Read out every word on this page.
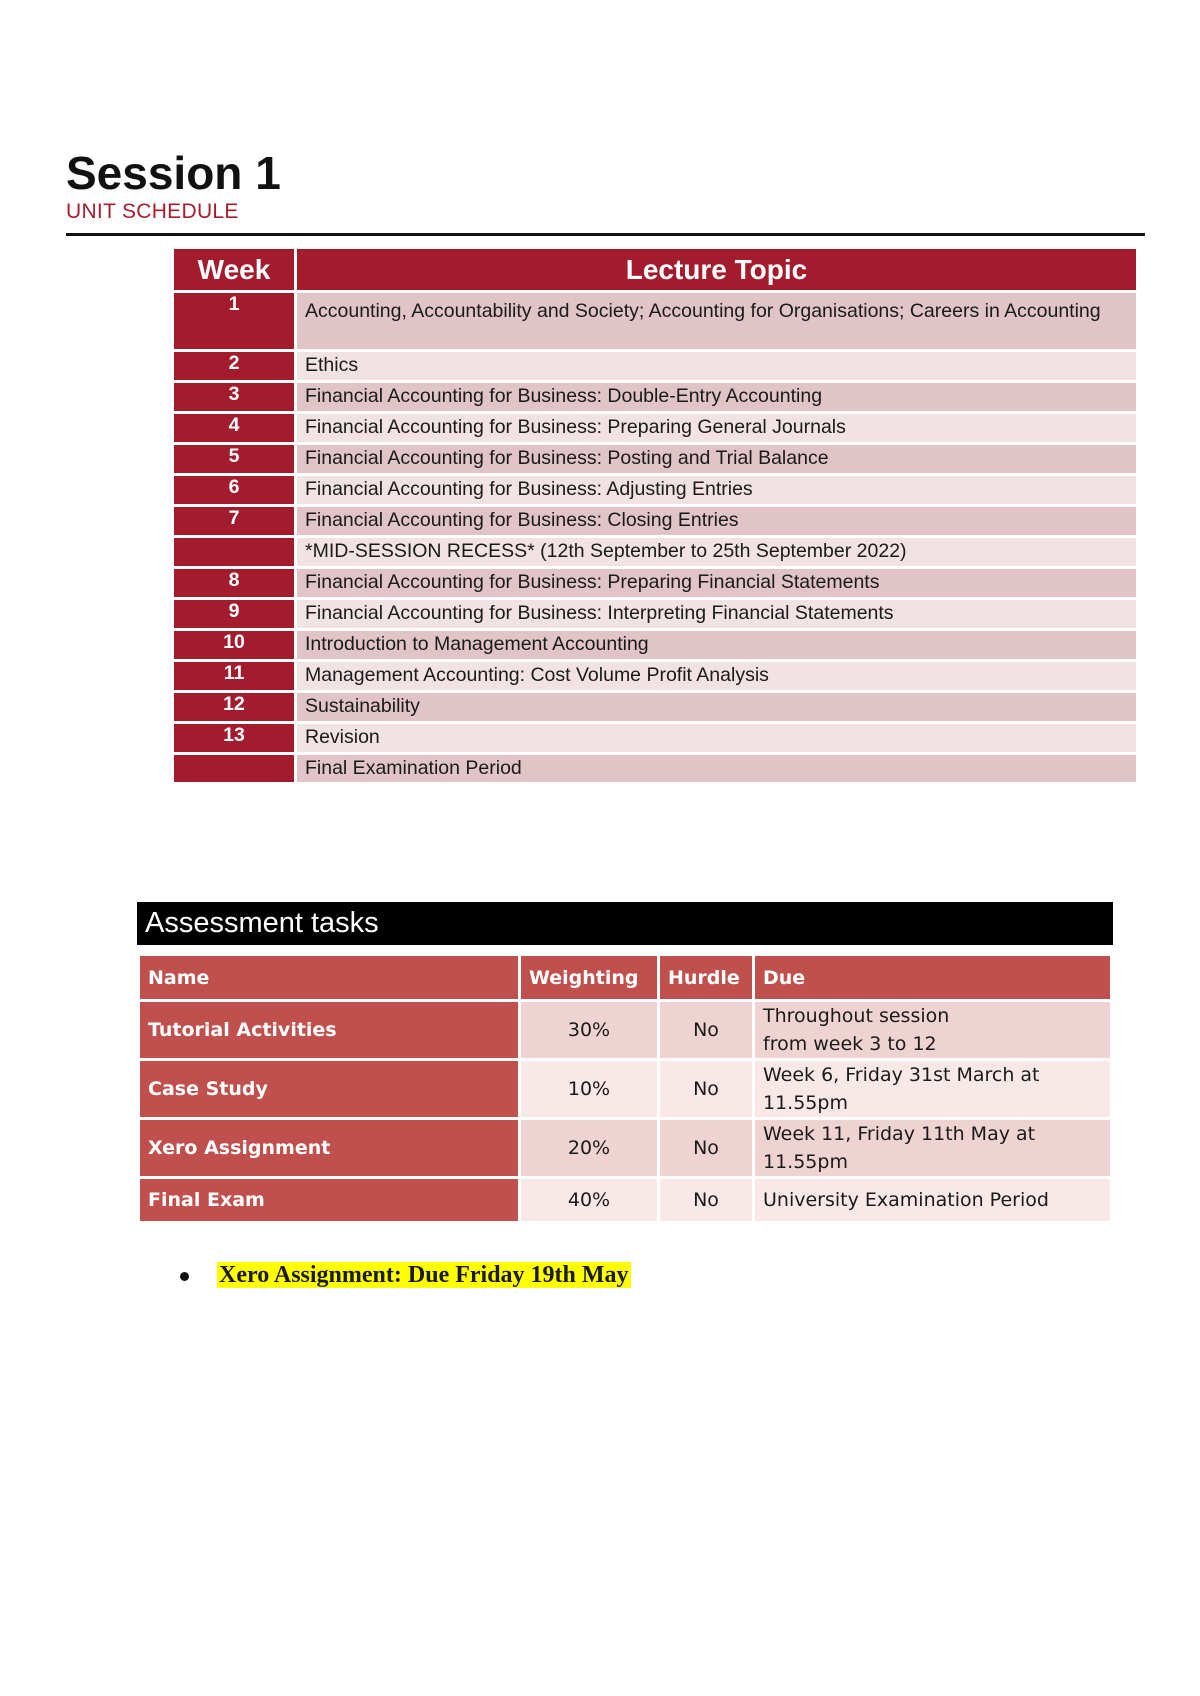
Session 1
UNIT SCHEDULE
Week	Lecture Topic
1	Accounting, Accountability and Society; Accounting for Organisations; Careers in Accounting
2	Ethics
3	Financial Accounting for Business: Double-Entry Accounting
4	Financial Accounting for Business: Preparing General Journals
5	Financial Accounting for Business: Posting and Trial Balance
6	Financial Accounting for Business: Adjusting Entries
7	Financial Accounting for Business: Closing Entries
	*MID-SESSION RECESS* (12th September to 25th September 2022)
8	Financial Accounting for Business: Preparing Financial Statements
9	Financial Accounting for Business: Interpreting Financial Statements
10	Introduction to Management Accounting
11	Management Accounting: Cost Volume Profit Analysis
12	Sustainability
13	Revision
	Final Examination Period
Assessment tasks
Name	Weighting	Hurdle	Due
Tutorial Activities	30%	No	Throughout session
from week 3 to 12

Case Study	10%	No	Week 6, Friday 31st March at
11.55pm

Xero Assignment	20%	No	Week 11, Friday 11th May at
11.55pm

Final Exam	40%	No	University Examination Period
Xero Assignment: Due Friday 19th May
